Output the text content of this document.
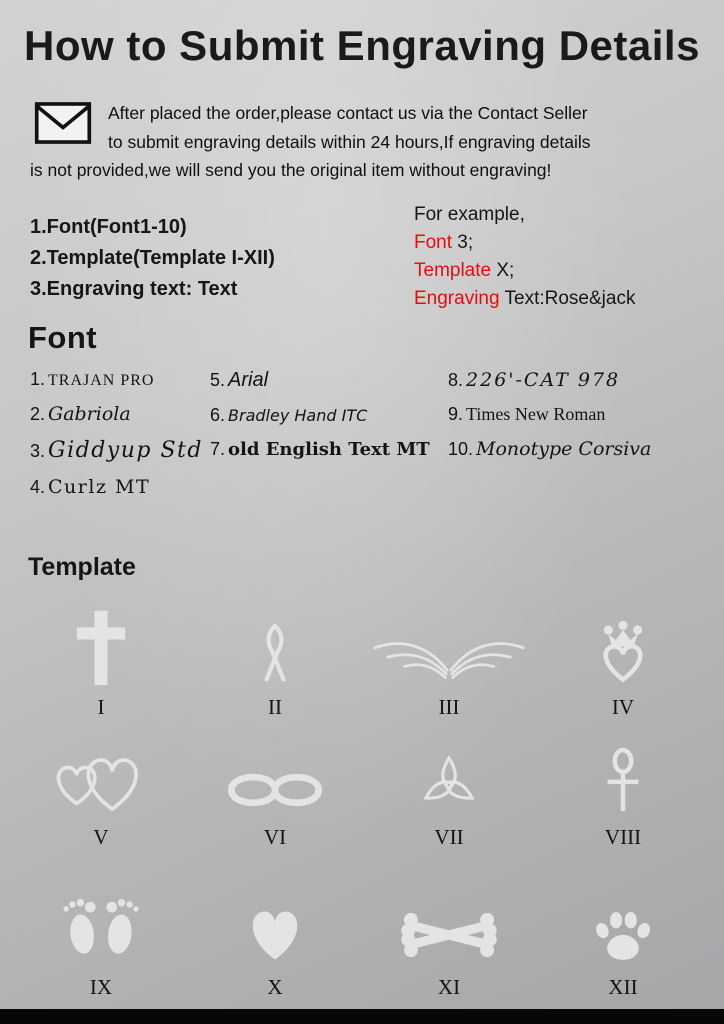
How to Submit Engraving Details
After placed the order,please contact us via the Contact Seller
to submit engraving details within 24 hours,If engraving details
is not provided,we will send you the original item without engraving!
1.Font(Font1-10)
2.Template(Template I-XII)
3.Engraving text: Text
For example,
Font 3;
Template X;
Engraving Text:Rose&jack
Font
1. TRAJAN PRO
2. Gabriola
3. Giddyup Std
4. Curlz MT
5. Arial
6. Bradley Hand ITC
7. old English Text MT
8. 226'-CAT 978
9. Times New Roman
10. Monotype Corsiva
Template
I	II	III	IV
V	VI	VII	VIII
IX	X	XI	XII
